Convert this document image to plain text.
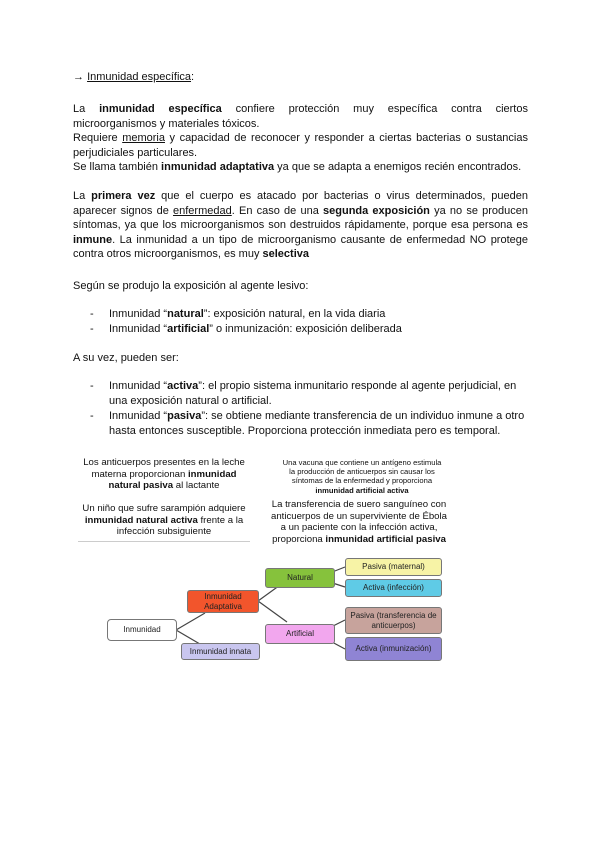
→ Inmunidad específica:
La inmunidad específica confiere protección muy específica contra ciertos microorganismos y materiales tóxicos.
Requiere memoria y capacidad de reconocer y responder a ciertas bacterias o sustancias perjudiciales particulares.
Se llama también inmunidad adaptativa ya que se adapta a enemigos recién encontrados.
La primera vez que el cuerpo es atacado por bacterias o virus determinados, pueden aparecer signos de enfermedad. En caso de una segunda exposición ya no se producen síntomas, ya que los microorganismos son destruidos rápidamente, porque esa persona es inmune. La inmunidad a un tipo de microorganismo causante de enfermedad NO protege contra otros microorganismos, es muy selectiva
Según se produjo la exposición al agente lesivo:
- Inmunidad “natural”: exposición natural, en la vida diaria
- Inmunidad “artificial” o inmunización: exposición deliberada
A su vez, pueden ser:
- Inmunidad “activa”: el propio sistema inmunitario responde al agente perjudicial, en una exposición natural o artificial.
- Inmunidad “pasiva”: se obtiene mediante transferencia de un individuo inmune a otro hasta entonces susceptible. Proporciona protección inmediata pero es temporal.
Los anticuerpos presentes en la leche materna proporcionan inmunidad natural pasiva al lactante
Un niño que sufre sarampión adquiere inmunidad natural activa frente a la infección subsiguiente
Una vacuna que contiene un antígeno estimula la producción de anticuerpos sin causar los síntomas de la enfermedad y proporciona inmunidad artificial activa
La transferencia de suero sanguíneo con anticuerpos de un superviviente de Ébola a un paciente con la infección activa, proporciona inmunidad artificial pasiva
Inmunidad
Inmunidad Adaptativa
Inmunidad innata
Natural
Artificial
Pasiva (maternal)
Activa (infección)
Pasiva (transferencia de anticuerpos)
Activa (inmunización)
